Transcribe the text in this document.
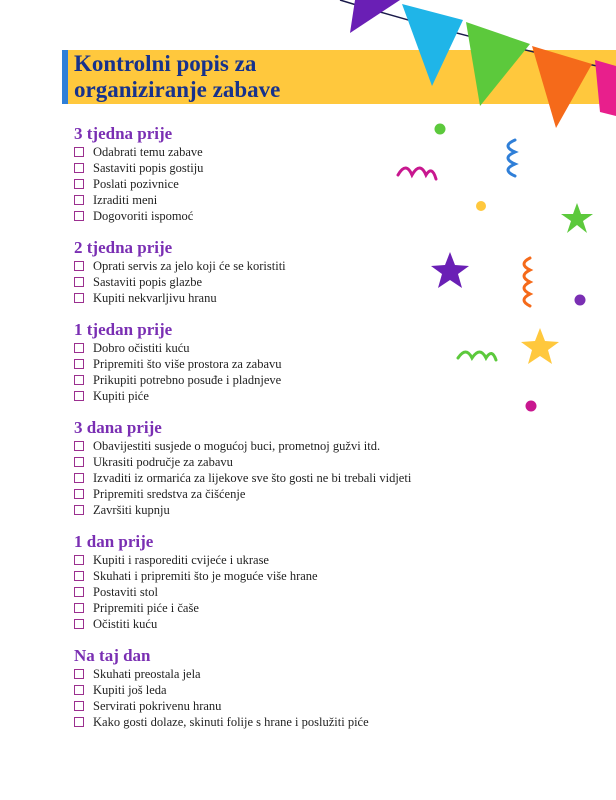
Kontrolni popis za organiziranje zabave
3 tjedna prije
Odabrati temu zabave
Sastaviti popis gostiju
Poslati pozivnice
Izraditi meni
Dogovoriti ispomoć
2 tjedna prije
Oprati servis za jelo koji će se koristiti
Sastaviti popis glazbe
Kupiti nekvarljivu hranu
1 tjedan prije
Dobro očistiti kuću
Pripremiti što više prostora za zabavu
Prikupiti potrebno posuđe i pladnjeve
Kupiti piće
3 dana prije
Obavijestiti susjede o mogućoj buci, prometnoj gužvi itd.
Ukrasiti područje za zabavu
Izvaditi iz ormarića za lijekove sve što gosti ne bi trebali vidjeti
Pripremiti sredstva za čišćenje
Završiti kupnju
1 dan prije
Kupiti i rasporediti cvijeće i ukrase
Skuhati i pripremiti što je moguće više hrane
Postaviti stol
Pripremiti piće i čaše
Očistiti kuću
Na taj dan
Skuhati preostala jela
Kupiti još leda
Servirati pokrivenu hranu
Kako gosti dolaze, skinuti folije s hrane i poslužiti piće
